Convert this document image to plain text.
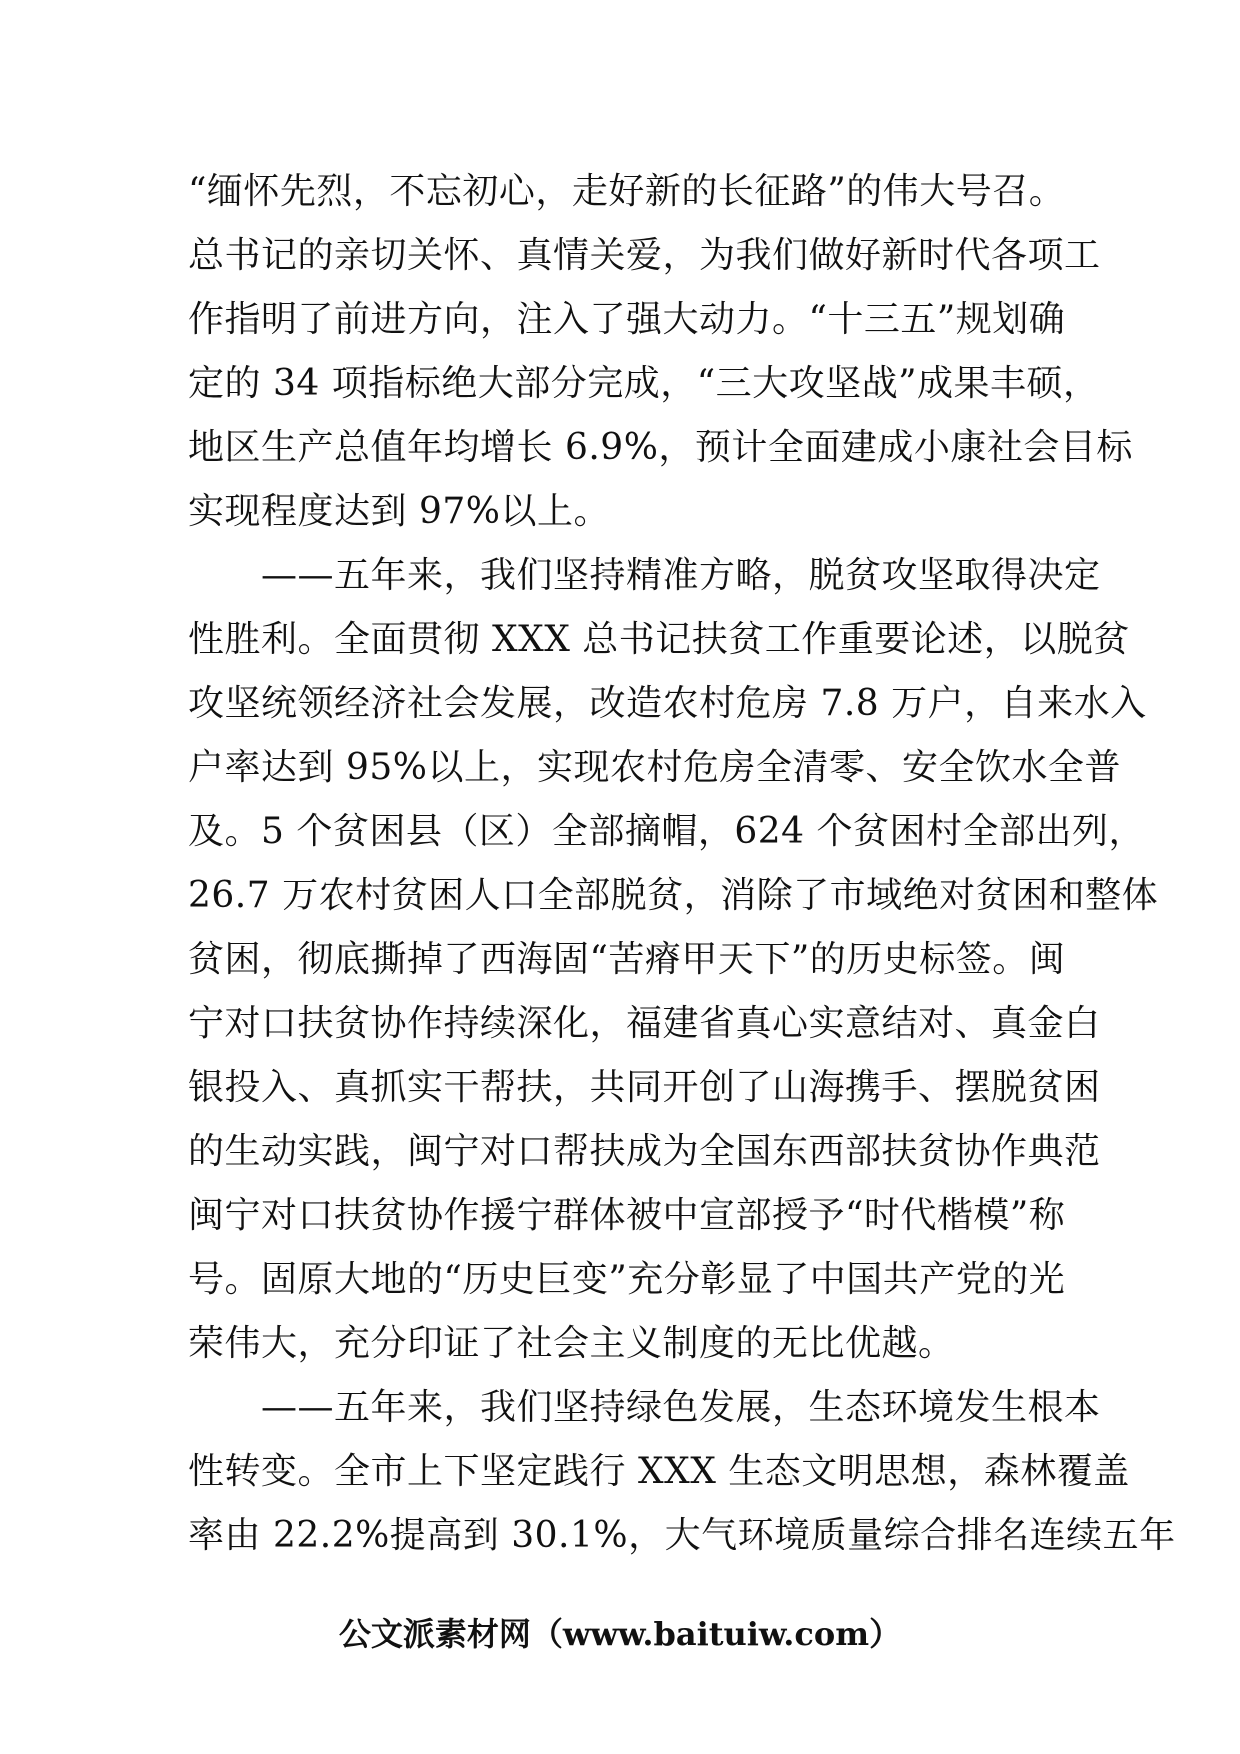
“缅怀先烈，不忘初心，走好新的长征路”的伟大号召。
总书记的亲切关怀、真情关爱，为我们做好新时代各项工
作指明了前进方向，注入了强大动力。“十三五”规划确
定的 34 项指标绝大部分完成，“三大攻坚战”成果丰硕，
地区生产总值年均增长 6.9%，预计全面建成小康社会目标
实现程度达到 97%以上。
　　——五年来，我们坚持精准方略，脱贫攻坚取得决定
性胜利。全面贯彻 XXX 总书记扶贫工作重要论述，以脱贫
攻坚统领经济社会发展，改造农村危房 7.8 万户，自来水入
户率达到 95%以上，实现农村危房全清零、安全饮水全普
及。5 个贫困县（区）全部摘帽，624 个贫困村全部出列，
26.7 万农村贫困人口全部脱贫，消除了市域绝对贫困和整体
贫困，彻底撕掉了西海固“苦瘠甲天下”的历史标签。闽
宁对口扶贫协作持续深化，福建省真心实意结对、真金白
银投入、真抓实干帮扶，共同开创了山海携手、摆脱贫困
的生动实践，闽宁对口帮扶成为全国东西部扶贫协作典范
闽宁对口扶贫协作援宁群体被中宣部授予“时代楷模”称
号。固原大地的“历史巨变”充分彰显了中国共产党的光
荣伟大，充分印证了社会主义制度的无比优越。
　　——五年来，我们坚持绿色发展，生态环境发生根本
性转变。全市上下坚定践行 XXX 生态文明思想，森林覆盖
率由 22.2%提高到 30.1%，大气环境质量综合排名连续五年
公文派素材网（www.baituiw.com）
